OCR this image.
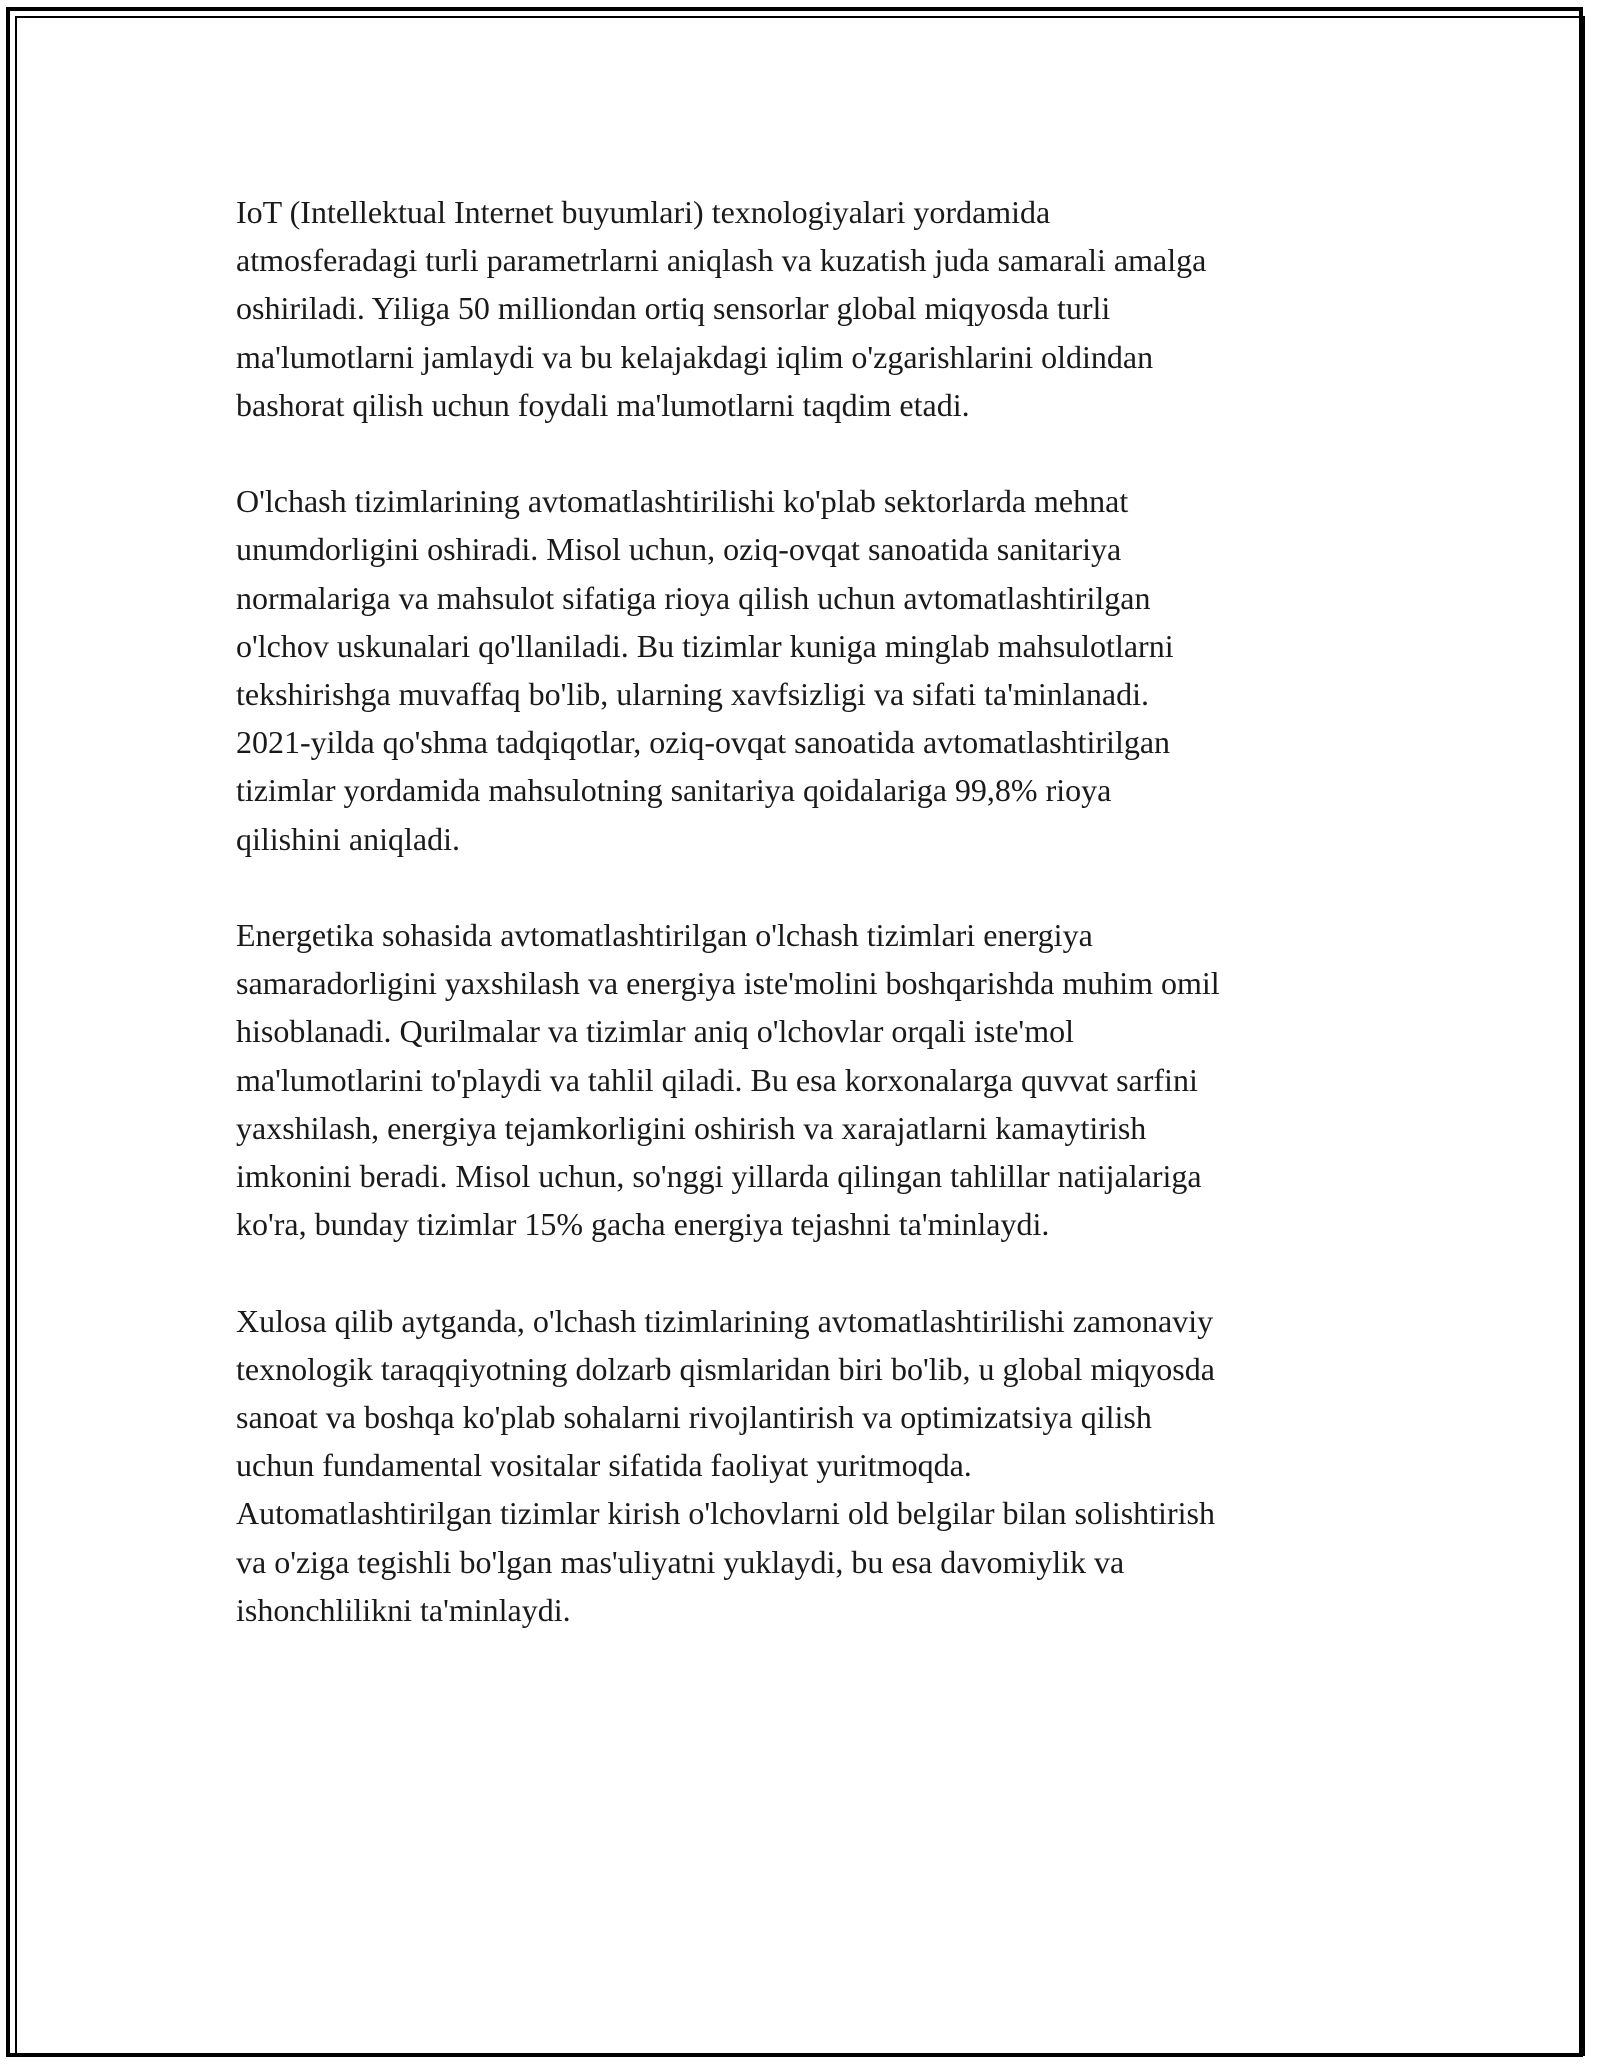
IoT (Intellektual Internet buyumlari) texnologiyalari yordamida
atmosferadagi turli parametrlarni aniqlash va kuzatish juda samarali amalga
oshiriladi. Yiliga 50 milliondan ortiq sensorlar global miqyosda turli
ma'lumotlarni jamlaydi va bu kelajakdagi iqlim o'zgarishlarini oldindan
bashorat qilish uchun foydali ma'lumotlarni taqdim etadi.

O'lchash tizimlarining avtomatlashtirilishi ko'plab sektorlarda mehnat
unumdorligini oshiradi. Misol uchun, oziq-ovqat sanoatida sanitariya
normalariga va mahsulot sifatiga rioya qilish uchun avtomatlashtirilgan
o'lchov uskunalari qo'llaniladi. Bu tizimlar kuniga minglab mahsulotlarni
tekshirishga muvaffaq bo'lib, ularning xavfsizligi va sifati ta'minlanadi.
2021-yilda qo'shma tadqiqotlar, oziq-ovqat sanoatida avtomatlashtirilgan
tizimlar yordamida mahsulotning sanitariya qoidalariga 99,8% rioya
qilishini aniqladi.

Energetika sohasida avtomatlashtirilgan o'lchash tizimlari energiya
samaradorligini yaxshilash va energiya iste'molini boshqarishda muhim omil
hisoblanadi. Qurilmalar va tizimlar aniq o'lchovlar orqali iste'mol
ma'lumotlarini to'playdi va tahlil qiladi. Bu esa korxonalarga quvvat sarfini
yaxshilash, energiya tejamkorligini oshirish va xarajatlarni kamaytirish
imkonini beradi. Misol uchun, so'nggi yillarda qilingan tahlillar natijalariga
ko'ra, bunday tizimlar 15% gacha energiya tejashni ta'minlaydi.

Xulosa qilib aytganda, o'lchash tizimlarining avtomatlashtirilishi zamonaviy
texnologik taraqqiyotning dolzarb qismlaridan biri bo'lib, u global miqyosda
sanoat va boshqa ko'plab sohalarni rivojlantirish va optimizatsiya qilish
uchun fundamental vositalar sifatida faoliyat yuritmoqda.
Automatlashtirilgan tizimlar kirish o'lchovlarni old belgilar bilan solishtirish
va o'ziga tegishli bo'lgan mas'uliyatni yuklaydi, bu esa davomiylik va
ishonchlilikni ta'minlaydi.
